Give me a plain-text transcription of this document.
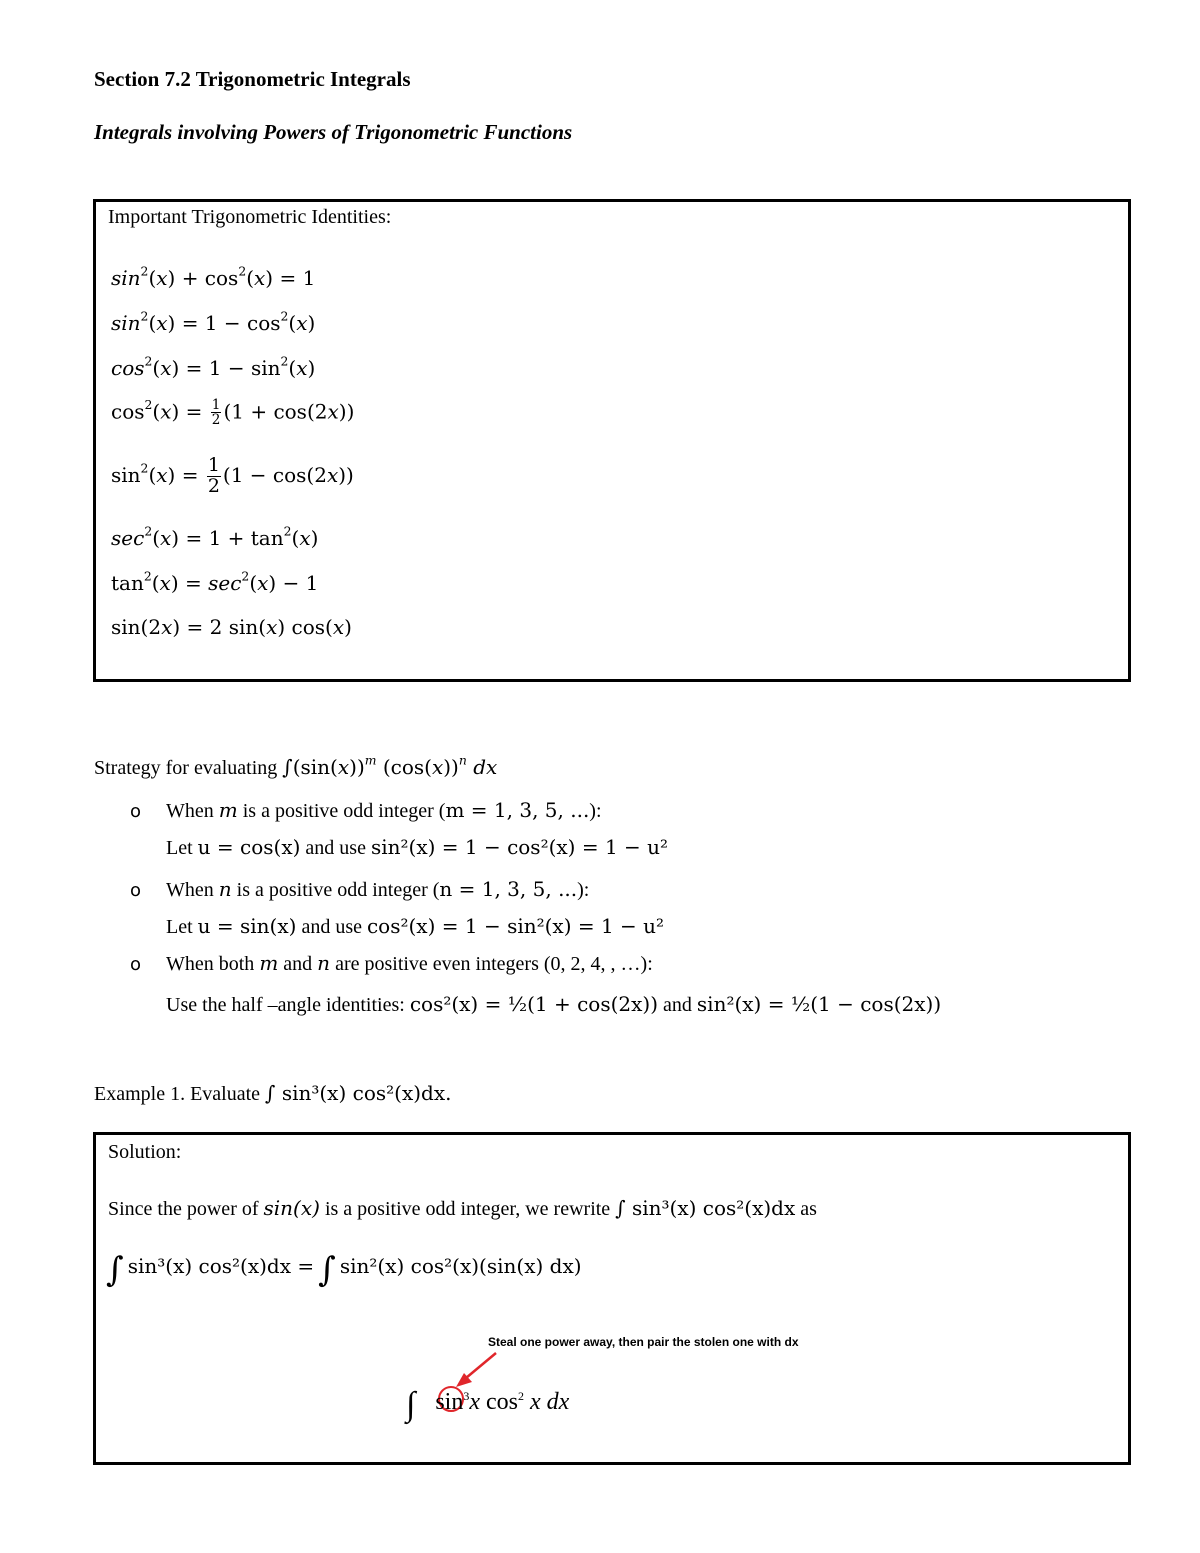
Section 7.2 Trigonometric Integrals
Integrals involving Powers of Trigonometric Functions
Important Trigonometric Identities:
$\sin^2(x) + \cos^2(x) = 1$
$\sin^2(x) = 1 - \cos^2(x)$
$\cos^2(x) = 1 - \sin^2(x)$
$\cos^2(x) = \frac{1}{2} (1 + \cos(2x))$
$\sin^2(x) = \frac{1}{2} (1 - \cos(2x))$
$\sec^2(x) = 1 + \tan^2(x)$
$\tan^2(x) = \sec^2(x) - 1$
sin(2x) = 2 sin(x) cos(x)
Strategy for evaluating $\int(\sin(x))^m$ $(\cos(x))^n$ dx
o When m is a positive odd integer (m = 1, 3, 5, ...):
Let u = cos(x) and use sin²(x) = 1 − cos²(x) = 1 − u²
o When n is a positive odd integer (n = 1, 3, 5, ...):
Let u = sin(x) and use cos²(x) = 1 − sin²(x) = 1 − u²
o When both m and n are positive even integers (0, 2, 4, , …):
Use the half –angle identities: cos²(x) = ½(1 + cos(2x)) and sin²(x) = ½(1 − cos(2x))
Example 1. Evaluate ∫ sin³(x) cos²(x)dx.
Solution:
Since the power of sin(x) is a positive odd integer, we rewrite ∫ sin³(x) cos²(x)dx as
∫ sin³(x) cos²(x)dx = ∫ sin²(x) cos²(x)(sin(x) dx)
Steal one power away, then pair the stolen one with dx
∫ $\sin^3x$ $\cos^2 x$ dx
